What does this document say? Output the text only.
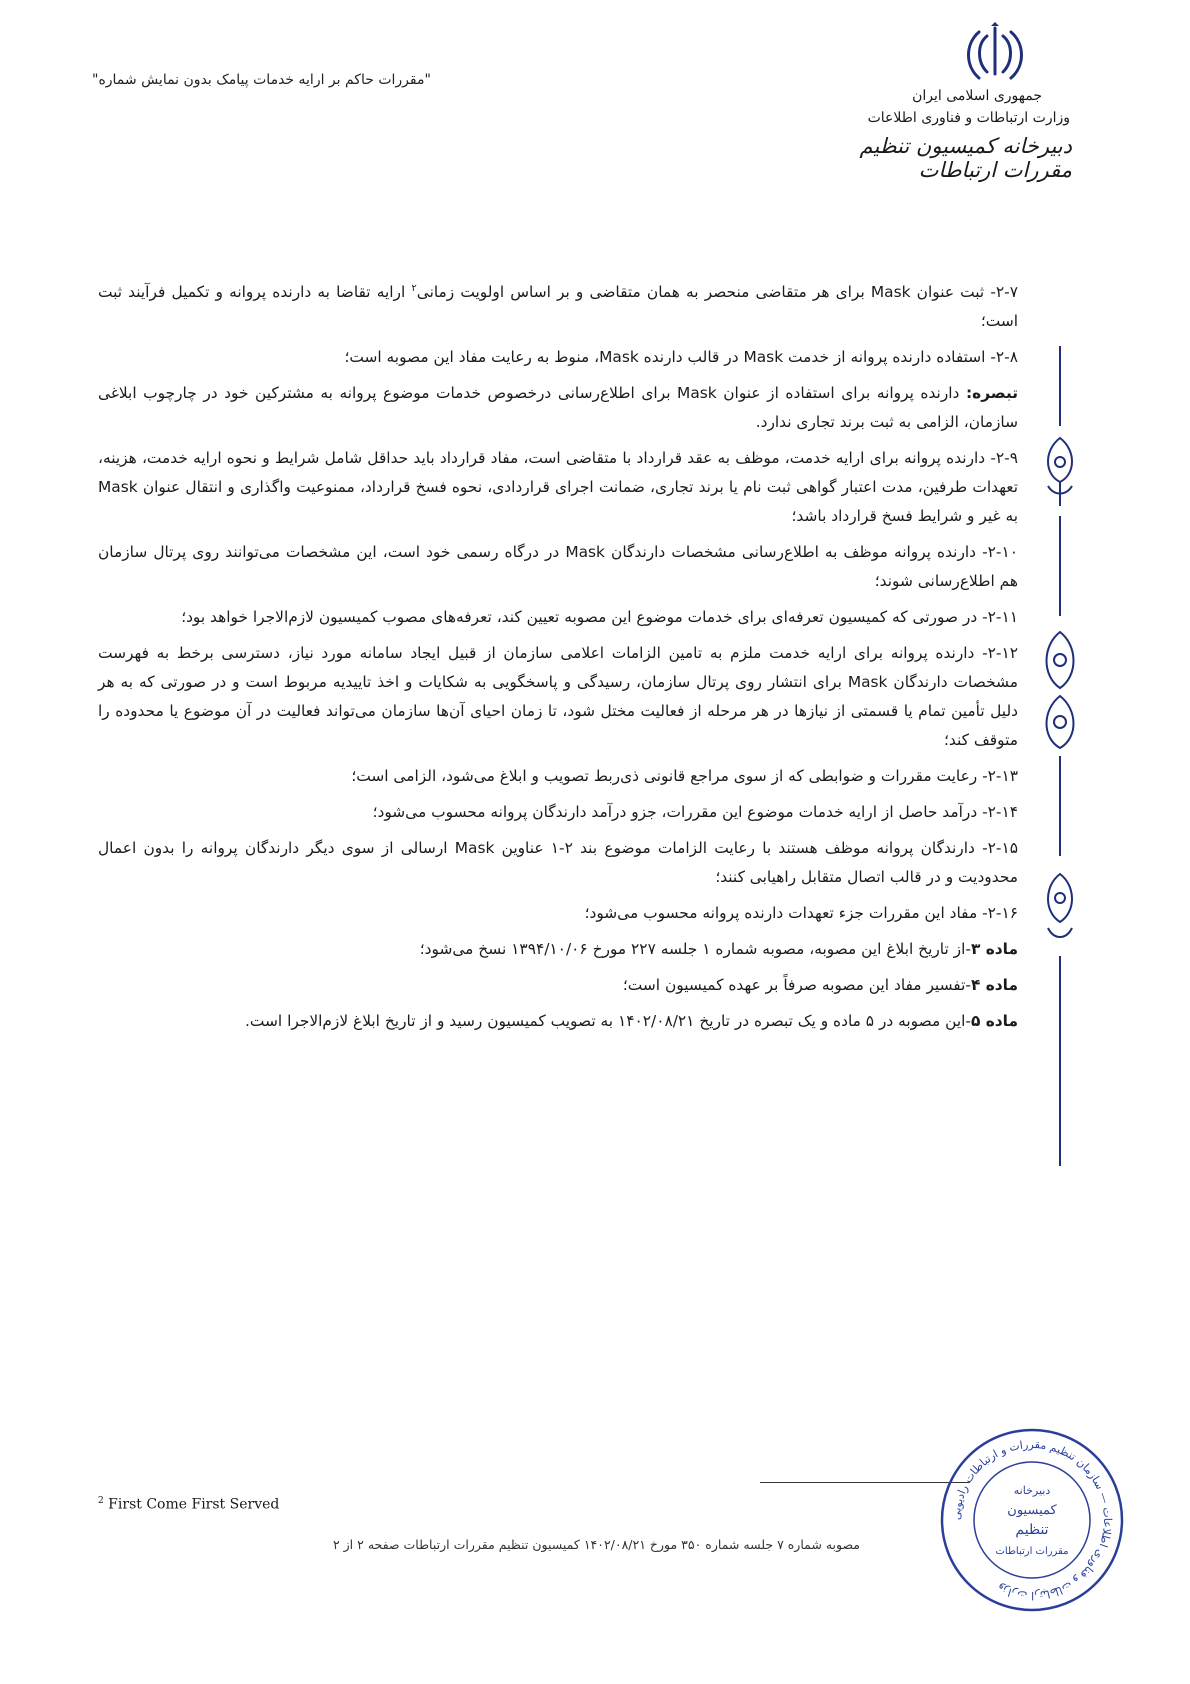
"مقررات حاکم بر ارایه خدمات پیامک بدون نمایش شماره"
جمهوری اسلامی ایران
وزارت ارتباطات و فناوری اطلاعات
دبیرخانه کمیسیون تنظیم مقررات ارتباطات

۲-۷- ثبت عنوان Mask برای هر متقاضی منحصر به همان متقاضی و بر اساس اولویت زمانی$^۲$ ارایه تقاضا به دارنده پروانه و تکمیل فرآیند ثبت است؛

۲-۸- استفاده دارنده پروانه از خدمت Mask در قالب دارنده Mask، منوط به رعایت مفاد این مصوبه است؛

تبصره: دارنده پروانه برای استفاده از عنوان Mask برای اطلاع‌رسانی درخصوص خدمات موضوع پروانه به مشترکین خود در چارچوب ابلاغی سازمان، الزامی به ثبت برند تجاری ندارد.

۲-۹- دارنده پروانه برای ارایه خدمت، موظف به عقد قرارداد با متقاضی است، مفاد قرارداد باید حداقل شامل شرایط و نحوه ارایه خدمت، هزینه، تعهدات طرفین، مدت اعتبار گواهی ثبت نام یا برند تجاری، ضمانت اجرای قراردادی، نحوه فسخ قرارداد، ممنوعیت واگذاری و انتقال عنوان Mask به غیر و شرایط فسخ قرارداد باشد؛

۲-۱۰- دارنده پروانه موظف به اطلاع‌رسانی مشخصات دارندگان Mask در درگاه رسمی خود است، این مشخصات می‌توانند روی پرتال سازمان هم اطلاع‌رسانی شوند؛

۲-۱۱- در صورتی که کمیسیون تعرفه‌ای برای خدمات موضوع این مصوبه تعیین کند، تعرفه‌های مصوب کمیسیون لازم‌الاجرا خواهد بود؛

۲-۱۲- دارنده پروانه برای ارایه خدمت ملزم به تامین الزامات اعلامی سازمان از قبیل ایجاد سامانه مورد نیاز، دسترسی برخط به فهرست مشخصات دارندگان Mask برای انتشار روی پرتال سازمان، رسیدگی و پاسخگویی به شکایات و اخذ تاییدیه مربوط است و در صورتی که به هر دلیل تأمین تمام یا قسمتی از نیازها در هر مرحله از فعالیت مختل شود، تا زمان احیای آن‌ها سازمان می‌تواند فعالیت در آن موضوع یا محدوده را متوقف کند؛

۲-۱۳- رعایت مقررات و ضوابطی که از سوی مراجع قانونی ذی‌ربط تصویب و ابلاغ می‌شود، الزامی است؛

۲-۱۴- درآمد حاصل از ارایه خدمات موضوع این مقررات، جزو درآمد دارندگان پروانه محسوب می‌شود؛

۲-۱۵- دارندگان پروانه موظف هستند با رعایت الزامات موضوع بند ۲-۱ عناوین Mask ارسالی از سوی دیگر دارندگان پروانه را بدون اعمال محدودیت و در قالب اتصال متقابل راهیابی کنند؛

۲-۱۶- مفاد این مقررات جزء تعهدات دارنده پروانه محسوب می‌شود؛

ماده ۳-از تاریخ ابلاغ این مصوبه، مصوبه شماره ۱ جلسه ۲۲۷ مورخ ۱۳۹۴/۱۰/۰۶ نسخ می‌شود؛

ماده ۴-تفسیر مفاد این مصوبه صرفاً بر عهده کمیسیون است؛

ماده ۵-این مصوبه در ۵ ماده و یک تبصره در تاریخ ۱۴۰۲/۰۸/۲۱ به تصویب کمیسیون رسید و از تاریخ ابلاغ لازم‌الاجرا است.

$^2$ First Come First Served
مصوبه شماره ۷ جلسه شماره ۳۵۰ مورخ ۱۴۰۲/۰۸/۲۱ کمیسیون تنظیم مقررات ارتباطات صفحه ۲ از ۲
وزارت ارتباطات و فناوری اطلاعات — سازمان تنظیم مقررات و ارتباطات رادیویی
دبیرخانه
کمیسیون
تنظیم
مقررات ارتباطات
